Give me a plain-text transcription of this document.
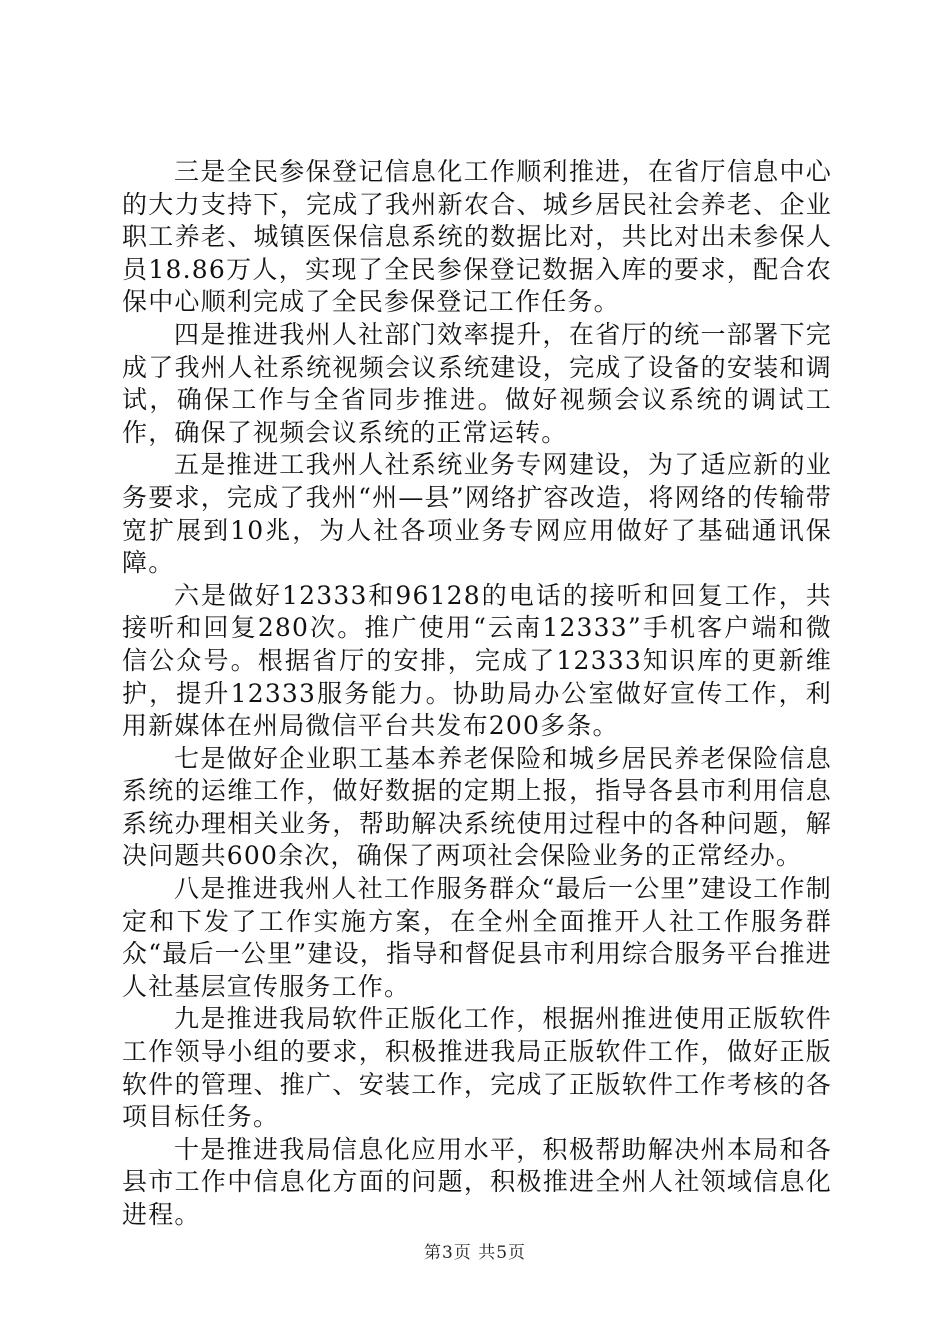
三是全民参保登记信息化工作顺利推进，在省厅信息中心的大力支持下，完成了我州新农合、城乡居民社会养老、企业职工养老、城镇医保信息系统的数据比对，共比对出未参保人员18.86万人，实现了全民参保登记数据入库的要求，配合农保中心顺利完成了全民参保登记工作任务。

四是推进我州人社部门效率提升，在省厅的统一部署下完成了我州人社系统视频会议系统建设，完成了设备的安装和调试，确保工作与全省同步推进。做好视频会议系统的调试工作，确保了视频会议系统的正常运转。

五是推进工我州人社系统业务专网建设，为了适应新的业务要求，完成了我州“州—县”网络扩容改造，将网络的传输带宽扩展到10兆，为人社各项业务专网应用做好了基础通讯保障。

六是做好12333和96128的电话的接听和回复工作，共接听和回复280次。推广使用“云南12333”手机客户端和微信公众号。根据省厅的安排，完成了12333知识库的更新维护，提升12333服务能力。协助局办公室做好宣传工作，利用新媒体在州局微信平台共发布200多条。

七是做好企业职工基本养老保险和城乡居民养老保险信息系统的运维工作，做好数据的定期上报，指导各县市利用信息系统办理相关业务，帮助解决系统使用过程中的各种问题，解决问题共600余次，确保了两项社会保险业务的正常经办。

八是推进我州人社工作服务群众“最后一公里”建设工作制定和下发了工作实施方案，在全州全面推开人社工作服务群众“最后一公里”建设，指导和督促县市利用综合服务平台推进人社基层宣传服务工作。

九是推进我局软件正版化工作，根据州推进使用正版软件工作领导小组的要求，积极推进我局正版软件工作，做好正版软件的管理、推广、安装工作，完成了正版软件工作考核的各项目标任务。

十是推进我局信息化应用水平，积极帮助解决州本局和各县市工作中信息化方面的问题，积极推进全州人社领域信息化进程。

第3页 共5页
